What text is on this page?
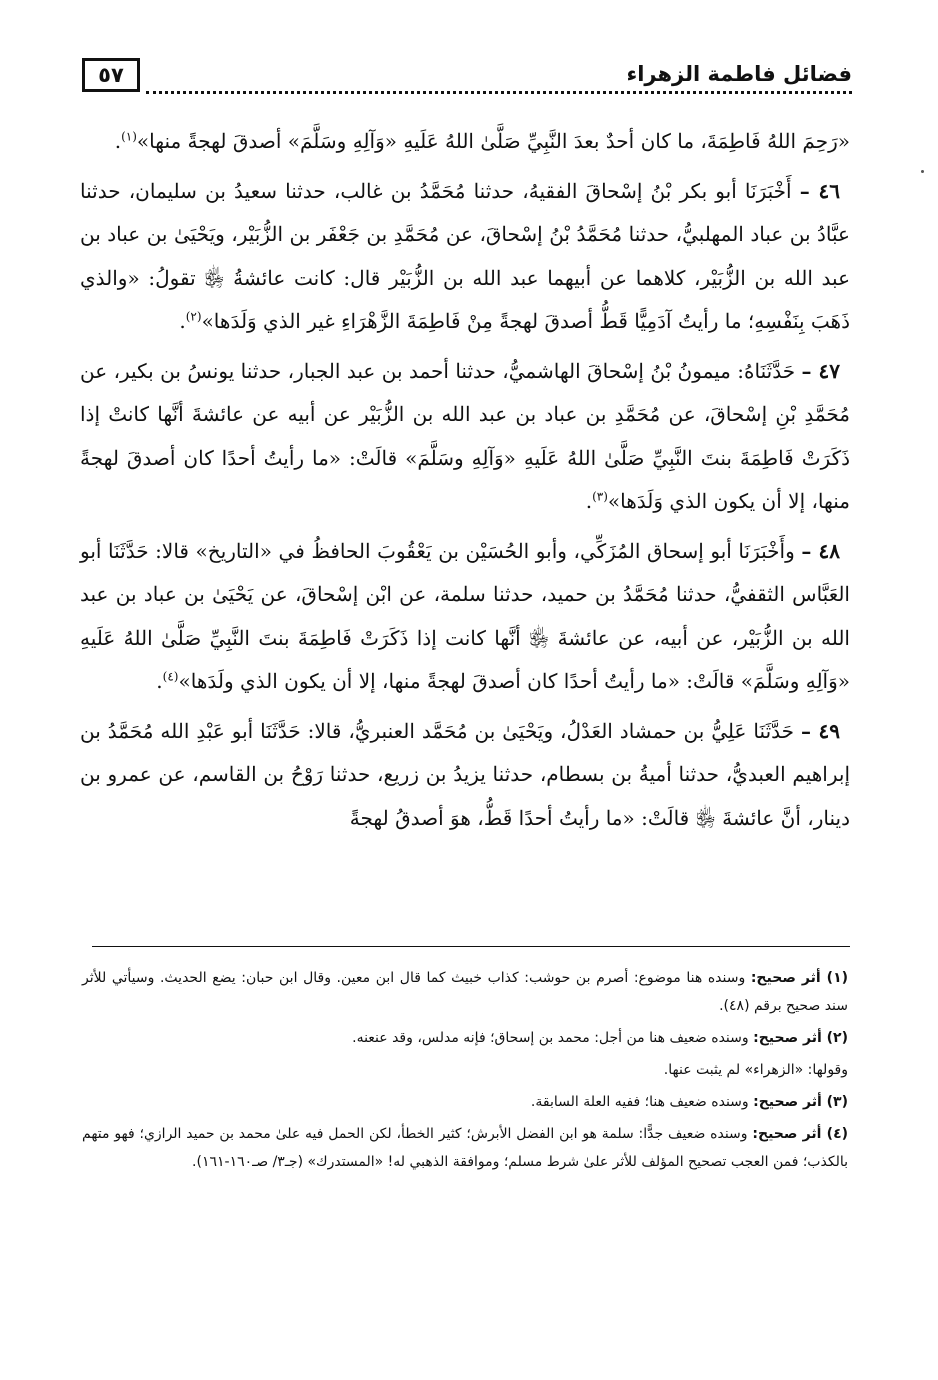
٥٧	فضائل فاطمة الزهراء

«رَحِمَ اللهُ فَاطِمَةَ، ما كان أحدٌ بعدَ النَّبِيِّ صَلَّىٰ اللهُ عَلَيهِ «وَآلِهِ وسَلَّمَ» أصدقَ لهجةً منها»$^{(١)}$.

٤٦ – أَخْبَرَنَا أبو بكر بْنُ إسْحاقَ الفقيهُ، حدثنا مُحَمَّدُ بن غالب، حدثنا سعيدُ بن سليمان، حدثنا عبَّادُ بن عباد المهلبيُّ، حدثنا مُحَمَّدُ بْنُ إسْحاقَ، عن مُحَمَّدِ بن جَعْفَر بن الزُّبَيْر، ويَحْيَىٰ بن عباد بن عبد الله بن الزُّبَيْر، كلاهما عن أبيهما عبد الله بن الزُّبَيْر قال: كانت عائشةُ ﵂ تقولُ: «والذي ذَهَبَ بِنَفْسِهِ؛ ما رأيتُ آدَمِيًّا قَطُّ أصدقَ لهجةً مِنْ فَاطِمَةَ الزَّهْرَاءِ غير الذي وَلَدَها»$^{(٢)}$.

٤٧ – حَدَّثَنَاهُ: ميمونُ بْنُ إسْحاقَ الهاشميُّ، حدثنا أحمد بن عبد الجبار، حدثنا يونسُ بن بكير، عن مُحَمَّدِ بْنِ إسْحاقَ، عن مُحَمَّدِ بن عباد بن عبد الله بن الزُّبَيْر عن أبيه عن عائشةَ أنَّها كانتْ إذا ذَكَرَتْ فَاطِمَةَ بنتَ النَّبِيِّ صَلَّىٰ اللهُ عَلَيهِ «وَآلِهِ وسَلَّمَ» قالَتْ: «ما رأيتُ أحدًا كان أصدقَ لهجةً منها، إلا أن يكون الذي وَلَدَها»$^{(٣)}$.

٤٨ – وأَخْبَرَنَا أبو إسحاق المُزَكِّي، وأبو الحُسَيْن بن يَعْقُوبَ الحافظُ في «التاريخ» قالا: حَدَّثَنَا أبو العَبَّاس الثقفيُّ، حدثنا مُحَمَّدُ بن حميد، حدثنا سلمة، عن ابْن إسْحاقَ، عن يَحْيَىٰ بن عباد بن عبد الله بن الزُّبَيْر، عن أبيه، عن عائشةَ ﵂ أنَّها كانت إذا ذَكَرَتْ فَاطِمَةَ بنتَ النَّبِيِّ صَلَّىٰ اللهُ عَلَيهِ «وَآلِهِ وسَلَّمَ» قالَتْ: «ما رأيتُ أحدًا كان أصدقَ لهجةً منها، إلا أن يكون الذي ولَدَها»$^{(٤)}$.

٤٩ – حَدَّثَنَا عَلِيُّ بن حمشاد العَدْلُ، ويَحْيَىٰ بن مُحَمَّد العنبريُّ، قالا: حَدَّثَنَا أبو عَبْدِ الله مُحَمَّدُ بن إبراهيم العبديُّ، حدثنا أميةُ بن بسطام، حدثنا يزيدُ بن زريع، حدثنا رَوْحُ بن القاسم، عن عمرو بن دينار، أنَّ عائشةَ ﵂ قالَتْ: «ما رأيتُ أحدًا قَطُّ، هوَ أصدقُ لهجةً

(١) أثر صحيح: وسنده هنا موضوع: أصرم بن حوشب: كذاب خبيث كما قال ابن معين. وقال ابن حبان: يضع الحديث. وسيأتي للأثر سند صحيح برقم (٤٨).

(٢) أثر صحيح: وسنده ضعيف هنا من أجل: محمد بن إسحاق؛ فإنه مدلس، وقد عنعنه.

وقولها: «الزهراء» لم يثبت عنها.

(٣) أثر صحيح: وسنده ضعيف هنا؛ ففيه العلة السابقة.

(٤) أثر صحيح: وسنده ضعيف جدًّا: سلمة هو ابن الفضل الأبرش؛ كثير الخطأ، لكن الحمل فيه علىٰ محمد بن حميد الرازي؛ فهو متهم بالكذب؛ فمن العجب تصحيح المؤلف للأثر علىٰ شرط مسلم؛ وموافقة الذهبي له! «المستدرك» (جـ٣/ صـ١٦٠-١٦١).
